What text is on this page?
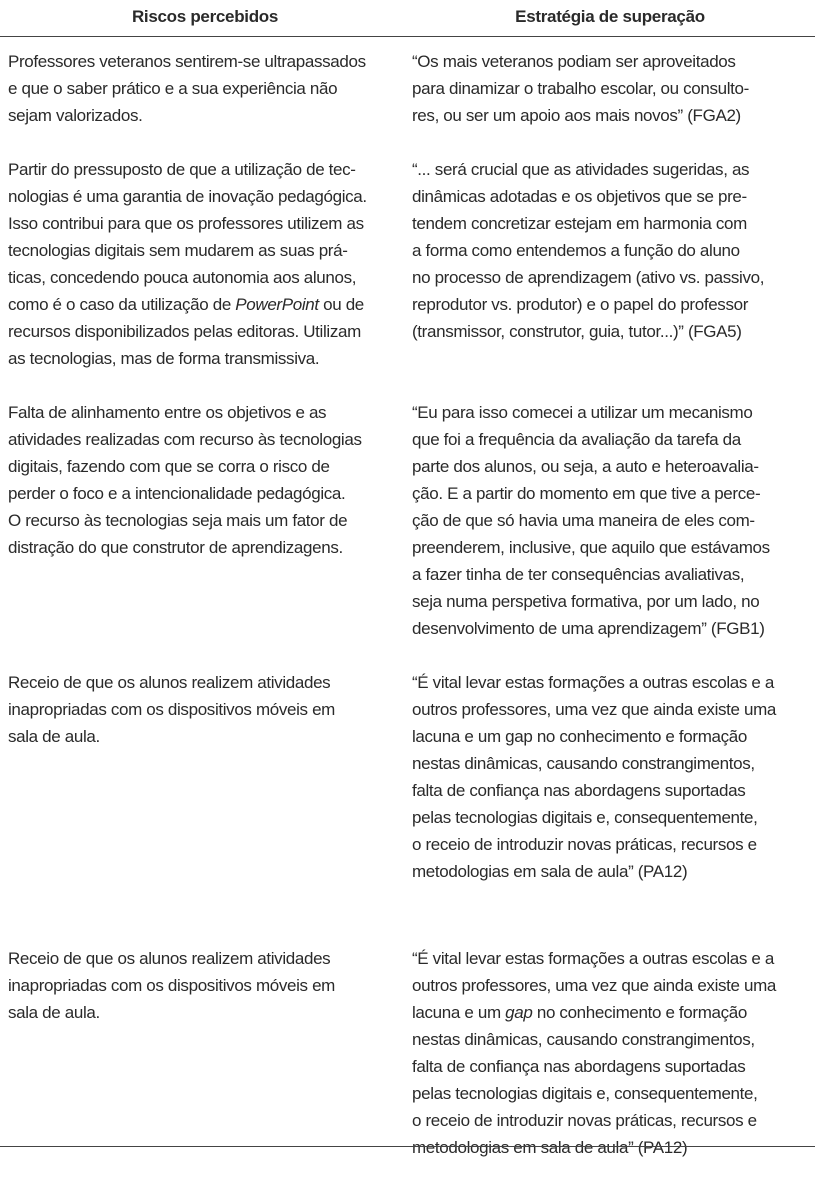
Riscos percebidos	Estratégia de superação
Professores veteranos sentirem-se ultrapassados
e que o saber prático e a sua experiência não
sejam valorizados.
“Os mais veteranos podiam ser aproveitados
para dinamizar o trabalho escolar, ou consulto-
res, ou ser um apoio aos mais novos” (FGA2)
Partir do pressuposto de que a utilização de tec-
nologias é uma garantia de inovação pedagógica.
Isso contribui para que os professores utilizem as
tecnologias digitais sem mudarem as suas prá-
ticas, concedendo pouca autonomia aos alunos,
como é o caso da utilização de PowerPoint ou de
recursos disponibilizados pelas editoras. Utilizam
as tecnologias, mas de forma transmissiva.
“... será crucial que as atividades sugeridas, as
dinâmicas adotadas e os objetivos que se pre-
tendem concretizar estejam em harmonia com
a forma como entendemos a função do aluno
no processo de aprendizagem (ativo vs. passivo,
reprodutor vs. produtor) e o papel do professor
(transmissor, construtor, guia, tutor...)” (FGA5)
Falta de alinhamento entre os objetivos e as
atividades realizadas com recurso às tecnologias
digitais, fazendo com que se corra o risco de
perder o foco e a intencionalidade pedagógica.
O recurso às tecnologias seja mais um fator de
distração do que construtor de aprendizagens.
“Eu para isso comecei a utilizar um mecanismo
que foi a frequência da avaliação da tarefa da
parte dos alunos, ou seja, a auto e heteroavalia-
ção. E a partir do momento em que tive a perce-
ção de que só havia uma maneira de eles com-
preenderem, inclusive, que aquilo que estávamos
a fazer tinha de ter consequências avaliativas,
seja numa perspetiva formativa, por um lado, no
desenvolvimento de uma aprendizagem” (FGB1)
Receio de que os alunos realizem atividades
inapropriadas com os dispositivos móveis em
sala de aula.
“É vital levar estas formações a outras escolas e a
outros professores, uma vez que ainda existe uma
lacuna e um gap no conhecimento e formação
nestas dinâmicas, causando constrangimentos,
falta de confiança nas abordagens suportadas
pelas tecnologias digitais e, consequentemente,
o receio de introduzir novas práticas, recursos e
metodologias em sala de aula” (PA12)
Receio de que os alunos realizem atividades
inapropriadas com os dispositivos móveis em
sala de aula.
“É vital levar estas formações a outras escolas e a
outros professores, uma vez que ainda existe uma
lacuna e um gap no conhecimento e formação
nestas dinâmicas, causando constrangimentos,
falta de confiança nas abordagens suportadas
pelas tecnologias digitais e, consequentemente,
o receio de introduzir novas práticas, recursos e
metodologias em sala de aula” (PA12)
